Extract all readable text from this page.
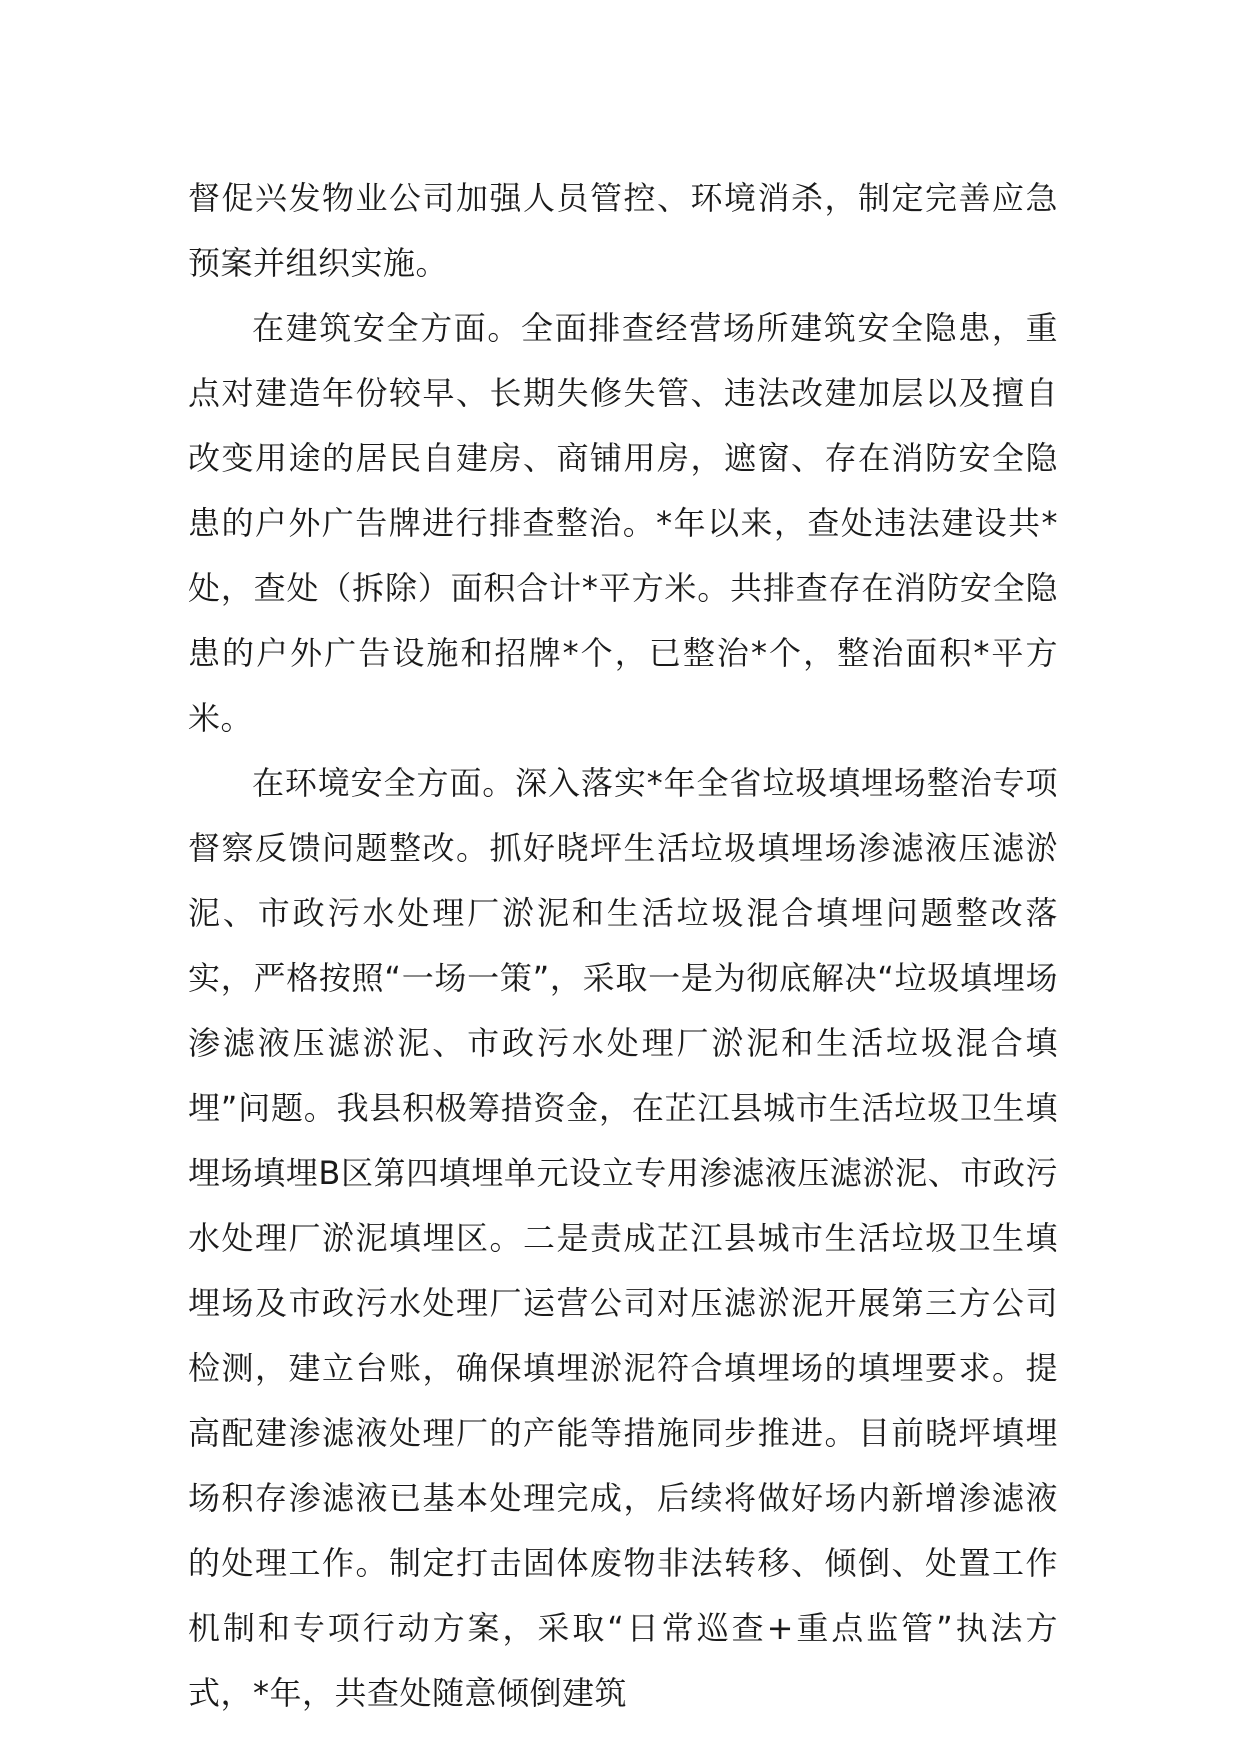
督促兴发物业公司加强人员管控、环境消杀，制定完善应急预案并组织实施。

在建筑安全方面。全面排查经营场所建筑安全隐患，重点对建造年份较早、长期失修失管、违法改建加层以及擅自改变用途的居民自建房、商铺用房，遮窗、存在消防安全隐患的户外广告牌进行排查整治。*年以来，查处违法建设共*处，查处（拆除）面积合计*平方米。共排查存在消防安全隐患的户外广告设施和招牌*个，已整治*个，整治面积*平方米。

在环境安全方面。深入落实*年全省垃圾填埋场整治专项督察反馈问题整改。抓好晓坪生活垃圾填埋场渗滤液压滤淤泥、市政污水处理厂淤泥和生活垃圾混合填埋问题整改落实，严格按照“一场一策”，采取一是为彻底解决“垃圾填埋场渗滤液压滤淤泥、市政污水处理厂淤泥和生活垃圾混合填埋”问题。我县积极筹措资金，在芷江县城市生活垃圾卫生填埋场填埋B区第四填埋单元设立专用渗滤液压滤淤泥、市政污水处理厂淤泥填埋区。二是责成芷江县城市生活垃圾卫生填埋场及市政污水处理厂运营公司对压滤淤泥开展第三方公司检测，建立台账，确保填埋淤泥符合填埋场的填埋要求。提高配建渗滤液处理厂的产能等措施同步推进。目前晓坪填埋场积存渗滤液已基本处理完成，后续将做好场内新增渗滤液的处理工作。制定打击固体废物非法转移、倾倒、处置工作机制和专项行动方案，采取“日常巡查+重点监管”执法方式，*年，共查处随意倾倒建筑
